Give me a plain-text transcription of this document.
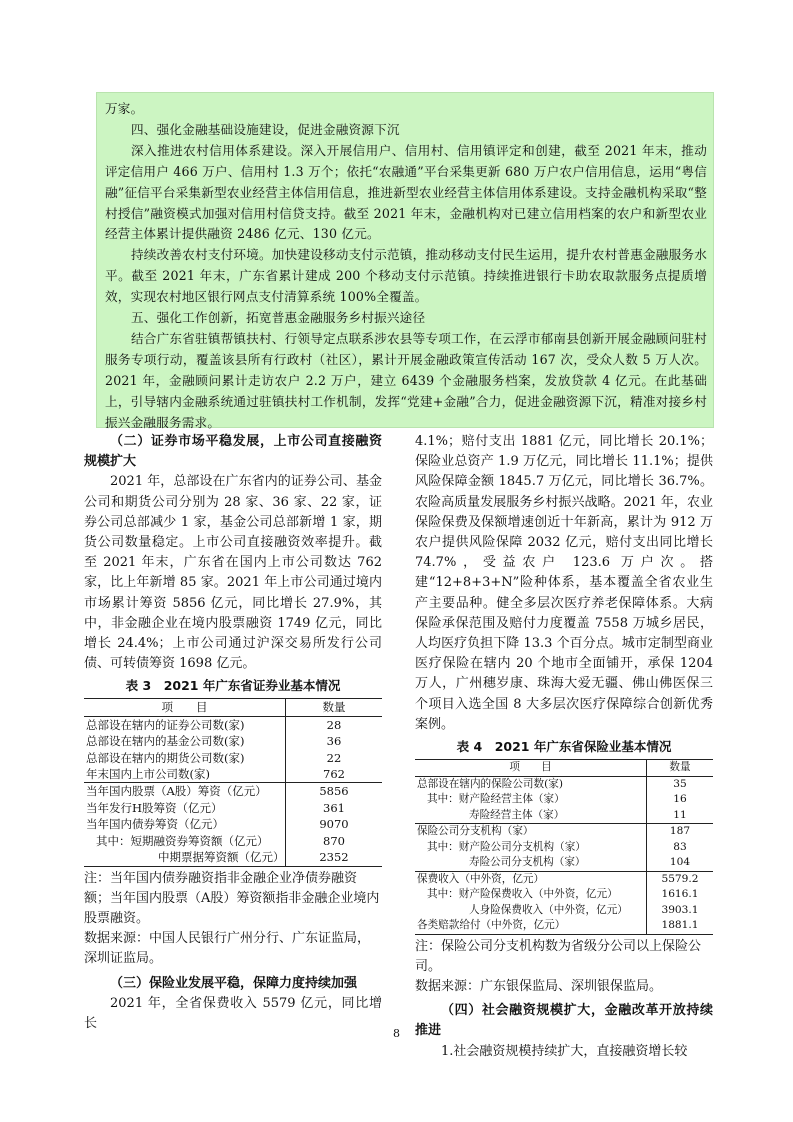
万家。

四、强化金融基础设施建设，促进金融资源下沉

深入推进农村信用体系建设。深入开展信用户、信用村、信用镇评定和创建，截至 2021 年末，推动评定信用户 466 万户、信用村 1.3 万个；依托“农融通”平台采集更新 680 万户农户信用信息，运用“粤信融”征信平台采集新型农业经营主体信用信息，推进新型农业经营主体信用体系建设。支持金融机构采取“整村授信”融资模式加强对信用村信贷支持。截至 2021 年末，金融机构对已建立信用档案的农户和新型农业经营主体累计提供融资 2486 亿元、130 亿元。

持续改善农村支付环境。加快建设移动支付示范镇，推动移动支付民生运用，提升农村普惠金融服务水平。截至 2021 年末，广东省累计建成 200 个移动支付示范镇。持续推进银行卡助农取款服务点提质增效，实现农村地区银行网点支付清算系统 100%全覆盖。

五、强化工作创新，拓宽普惠金融服务乡村振兴途径

结合广东省驻镇帮镇扶村、行领导定点联系涉农县等专项工作，在云浮市郁南县创新开展金融顾问驻村服务专项行动，覆盖该县所有行政村（社区），累计开展金融政策宣传活动 167 次，受众人数 5 万人次。2021 年，金融顾问累计走访农户 2.2 万户，建立 6439 个金融服务档案，发放贷款 4 亿元。在此基础上，引导辖内金融系统通过驻镇扶村工作机制，发挥“党建+金融”合力，促进金融资源下沉，精准对接乡村振兴金融服务需求。

（二）证券市场平稳发展，上市公司直接融资规模扩大

2021 年，总部设在广东省内的证券公司、基金公司和期货公司分别为 28 家、36 家、22 家，证券公司总部减少 1 家，基金公司总部新增 1 家，期货公司数量稳定。上市公司直接融资效率提升。截至 2021 年末，广东省在国内上市公司数达 762 家，比上年新增 85 家。2021 年上市公司通过境内市场累计筹资 5856 亿元，同比增长 27.9%，其中，非金融企业在境内股票融资 1749 亿元，同比增长 24.4%；上市公司通过沪深交易所发行公司债、可转债筹资 1698 亿元。

表 3　2021 年广东省证券业基本情况
项　　目	数量
总部设在辖内的证券公司数(家)	28
总部设在辖内的基金公司数(家)	36
总部设在辖内的期货公司数(家)	22
年末国内上市公司数(家)	762
当年国内股票（A股）筹资（亿元）	5856
当年发行H股筹资（亿元）	361
当年国内债券筹资（亿元）	9070
其中：短期融资券筹资额（亿元）	870
中期票据筹资额（亿元）	2352

注：当年国内债券融资指非金融企业净债券融资额；当年国内股票（A股）筹资额指非金融企业境内股票融资。

数据来源：中国人民银行广州分行、广东证监局，深圳证监局。

（三）保险业发展平稳，保障力度持续加强

2021 年，全省保费收入 5579 亿元，同比增长

4.1%；赔付支出 1881 亿元，同比增长 20.1%；保险业总资产 1.9 万亿元，同比增长 11.1%；提供风险保障金额 1845.7 万亿元，同比增长 36.7%。农险高质量发展服务乡村振兴战略。2021 年，农业保险保费及保额增速创近十年新高，累计为 912 万农户提供风险保障 2032 亿元，赔付支出同比增长 74.7%，受益农户 123.6 万户次。搭建“12+8+3+N”险种体系，基本覆盖全省农业生产主要品种。健全多层次医疗养老保障体系。大病保险承保范围及赔付力度覆盖 7558 万城乡居民，人均医疗负担下降 13.3 个百分点。城市定制型商业医疗保险在辖内 20 个地市全面铺开，承保 1204 万人，广州穗岁康、珠海大爱无疆、佛山佛医保三个项目入选全国 8 大多层次医疗保障综合创新优秀案例。

表 4　2021 年广东省保险业基本情况
项　　目	数量
总部设在辖内的保险公司数(家)	35
其中：财产险经营主体（家）	16
寿险经营主体（家）	11
保险公司分支机构（家）	187
其中：财产险公司分支机构（家）	83
寿险公司分支机构（家）	104
保费收入（中外资，亿元）	5579.2
其中：财产险保费收入（中外资，亿元）	1616.1
人身险保费收入（中外资，亿元）	3903.1
各类赔款给付（中外资，亿元）	1881.1

注：保险公司分支机构数为省级分公司以上保险公司。

数据来源：广东银保监局、深圳银保监局。

（四）社会融资规模扩大，金融改革开放持续推进

1.社会融资规模持续扩大，直接融资增长较

8
